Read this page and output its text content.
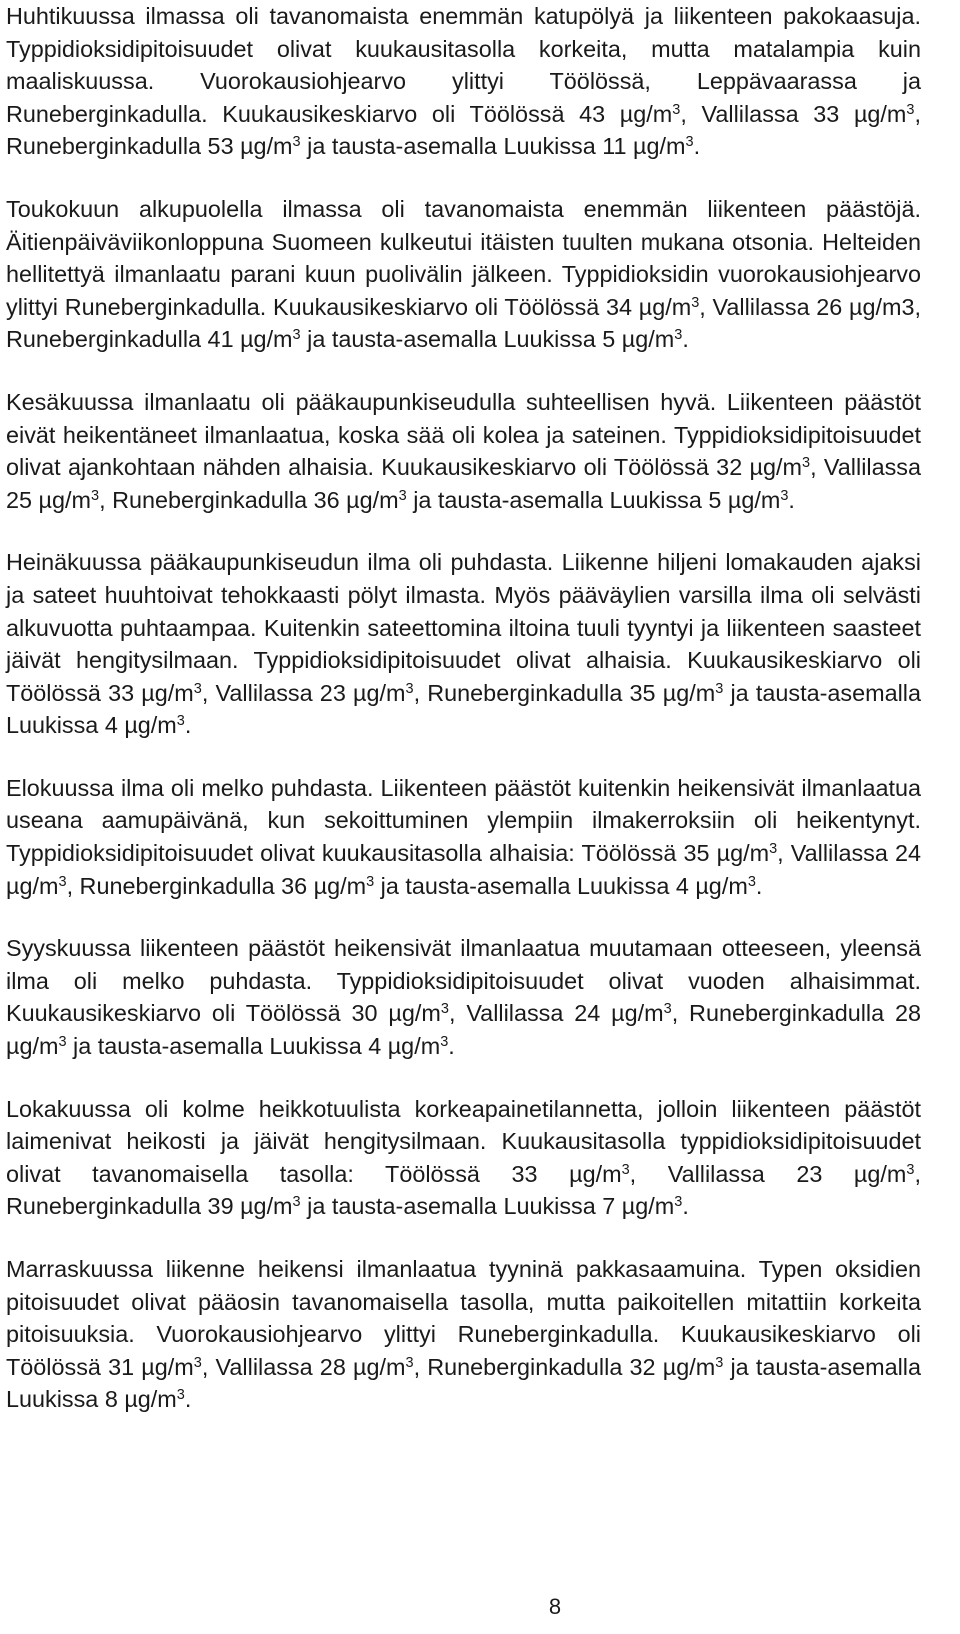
Huhtikuussa ilmassa oli tavanomaista enemmän katupölyä ja liikenteen pakokaasuja. Typpidioksidipitoisuudet olivat kuukausitasolla korkeita, mutta matalampia kuin maaliskuussa. Vuorokausiohjearvo ylittyi Töölössä, Leppävaarassa ja Runeberginkadulla. Kuukausikeskiarvo oli Töölössä 43 $\mu g/m^3$, Vallilassa 33 $\mu g/m^3$, Runeberginkadulla 53 $\mu g/m^3$ ja tausta-asemalla Luukissa 11 $\mu g/m^3$.

Toukokuun alkupuolella ilmassa oli tavanomaista enemmän liikenteen päästöjä. Äitienpäiväviikonloppuna Suomeen kulkeutui itäisten tuulten mukana otsonia. Helteiden hellitettyä ilmanlaatu parani kuun puolivälin jälkeen. Typpidioksidin vuorokausiohjearvo ylittyi Runeberginkadulla. Kuukausikeskiarvo oli Töölössä 34 $\mu g/m^3$, Vallilassa 26 µg/m3, Runeberginkadulla 41 $\mu g/m^3$ ja tausta-asemalla Luukissa 5 $\mu g/m^3$.

Kesäkuussa ilmanlaatu oli pääkaupunkiseudulla suhteellisen hyvä. Liikenteen päästöt eivät heikentäneet ilmanlaatua, koska sää oli kolea ja sateinen. Typpidioksidipitoisuudet olivat ajankohtaan nähden alhaisia. Kuukausikeskiarvo oli Töölössä 32 $\mu g/m^3$, Vallilassa 25 $\mu g/m^3$, Runeberginkadulla 36 $\mu g/m^3$ ja tausta-asemalla Luukissa 5 $\mu g/m^3$.

Heinäkuussa pääkaupunkiseudun ilma oli puhdasta. Liikenne hiljeni lomakauden ajaksi ja sateet huuhtoivat tehokkaasti pölyt ilmasta. Myös pääväylien varsilla ilma oli selvästi alkuvuotta puhtaampaa. Kuitenkin sateettomina iltoina tuuli tyyntyi ja liikenteen saasteet jäivät hengitysilmaan. Typpidioksidipitoisuudet olivat alhaisia. Kuukausikeskiarvo oli Töölössä 33 $\mu g/m^3$, Vallilassa 23 $\mu g/m^3$, Runeberginkadulla 35 $\mu g/m^3$ ja tausta-asemalla Luukissa 4 $\mu g/m^3$.

Elokuussa ilma oli melko puhdasta. Liikenteen päästöt kuitenkin heikensivät ilmanlaatua useana aamupäivänä, kun sekoittuminen ylempiin ilmakerroksiin oli heikentynyt. Typpidioksidipitoisuudet olivat kuukausitasolla alhaisia: Töölössä 35 $\mu g/m^3$, Vallilassa 24 $\mu g/m^3$, Runeberginkadulla 36 $\mu g/m^3$ ja tausta-asemalla Luukissa 4 $\mu g/m^3$.

Syyskuussa liikenteen päästöt heikensivät ilmanlaatua muutamaan otteeseen, yleensä ilma oli melko puhdasta. Typpidioksidipitoisuudet olivat vuoden alhaisimmat. Kuukausikeskiarvo oli Töölössä 30 $\mu g/m^3$, Vallilassa 24 $\mu g/m^3$, Runeberginkadulla 28 $\mu g/m^3$ ja tausta-asemalla Luukissa 4 $\mu g/m^3$.

Lokakuussa oli kolme heikkotuulista korkeapainetilannetta, jolloin liikenteen päästöt laimenivat heikosti ja jäivät hengitysilmaan. Kuukausitasolla typpidioksidipitoisuudet olivat tavanomaisella tasolla: Töölössä 33 $\mu g/m^3$, Vallilassa 23 $\mu g/m^3$, Runeberginkadulla 39 $\mu g/m^3$ ja tausta-asemalla Luukissa 7 $\mu g/m^3$.

Marraskuussa liikenne heikensi ilmanlaatua tyyninä pakkasaamuina. Typen oksidien pitoisuudet olivat pääosin tavanomaisella tasolla, mutta paikoitellen mitattiin korkeita pitoisuuksia. Vuorokausiohjearvo ylittyi Runeberginkadulla. Kuukausikeskiarvo oli Töölössä 31 $\mu g/m^3$, Vallilassa 28 $\mu g/m^3$, Runeberginkadulla 32 $\mu g/m^3$ ja tausta-asemalla Luukissa 8 $\mu g/m^3$.

8
